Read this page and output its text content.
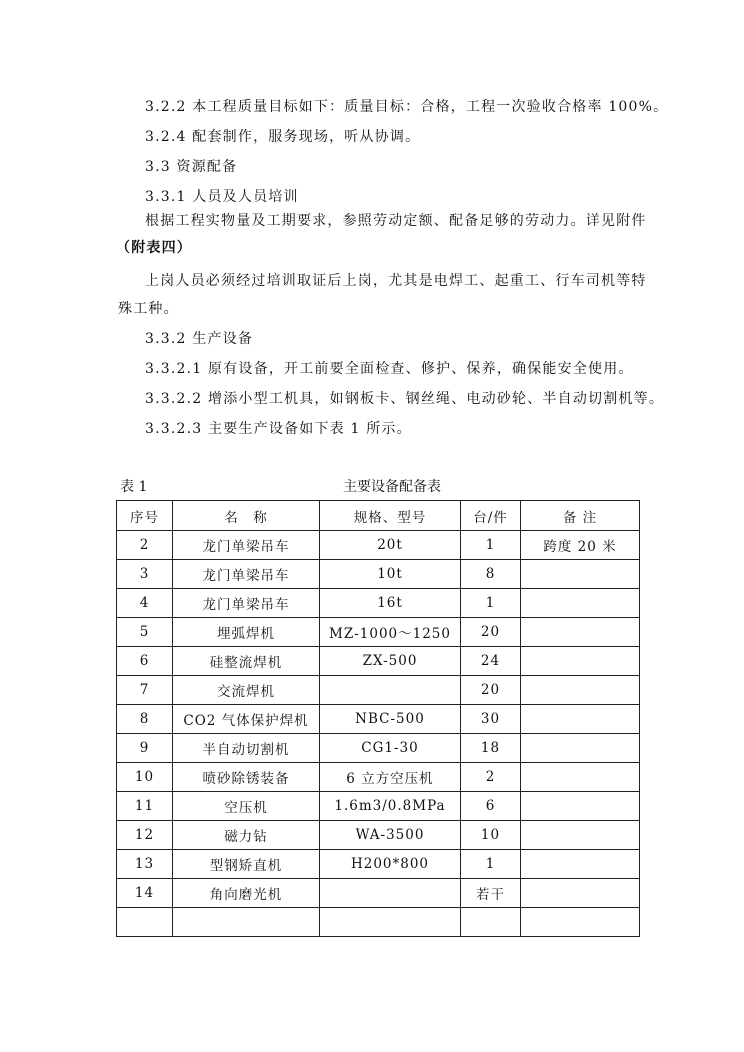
3.2.2 本工程质量目标如下：质量目标：合格，工程一次验收合格率 100%。
3.2.4 配套制作，服务现场，听从协调。
3.3 资源配备
3.3.1 人员及人员培训
根据工程实物量及工期要求，参照劳动定额、配备足够的劳动力。详见附件
（附表四）
上岗人员必须经过培训取证后上岗，尤其是电焊工、起重工、行车司机等特
殊工种。
3.3.2 生产设备
3.3.2.1 原有设备，开工前要全面检查、修护、保养，确保能安全使用。
3.3.2.2 增添小型工机具，如钢板卡、钢丝绳、电动砂轮、半自动切割机等。
3.3.2.3 主要生产设备如下表 1 所示。
表 1	主要设备配备表
序号	名　称	规格、型号	台/件	备 注
2	龙门单梁吊车	20t	1	跨度 20 米
3	龙门单梁吊车	10t	8	
4	龙门单梁吊车	16t	1	
5	埋弧焊机	MZ-1000～1250	20	
6	硅整流焊机	ZX-500	24	
7	交流焊机		20	
8	CO2 气体保护焊机	NBC-500	30	
9	半自动切割机	CG1-30	18	
10	喷砂除锈装备	6 立方空压机	2	
11	空压机	1.6m3/0.8MPa	6	
12	磁力钻	WA-3500	10	
13	型钢矫直机	H200*800	1	
14	角向磨光机		若干	
